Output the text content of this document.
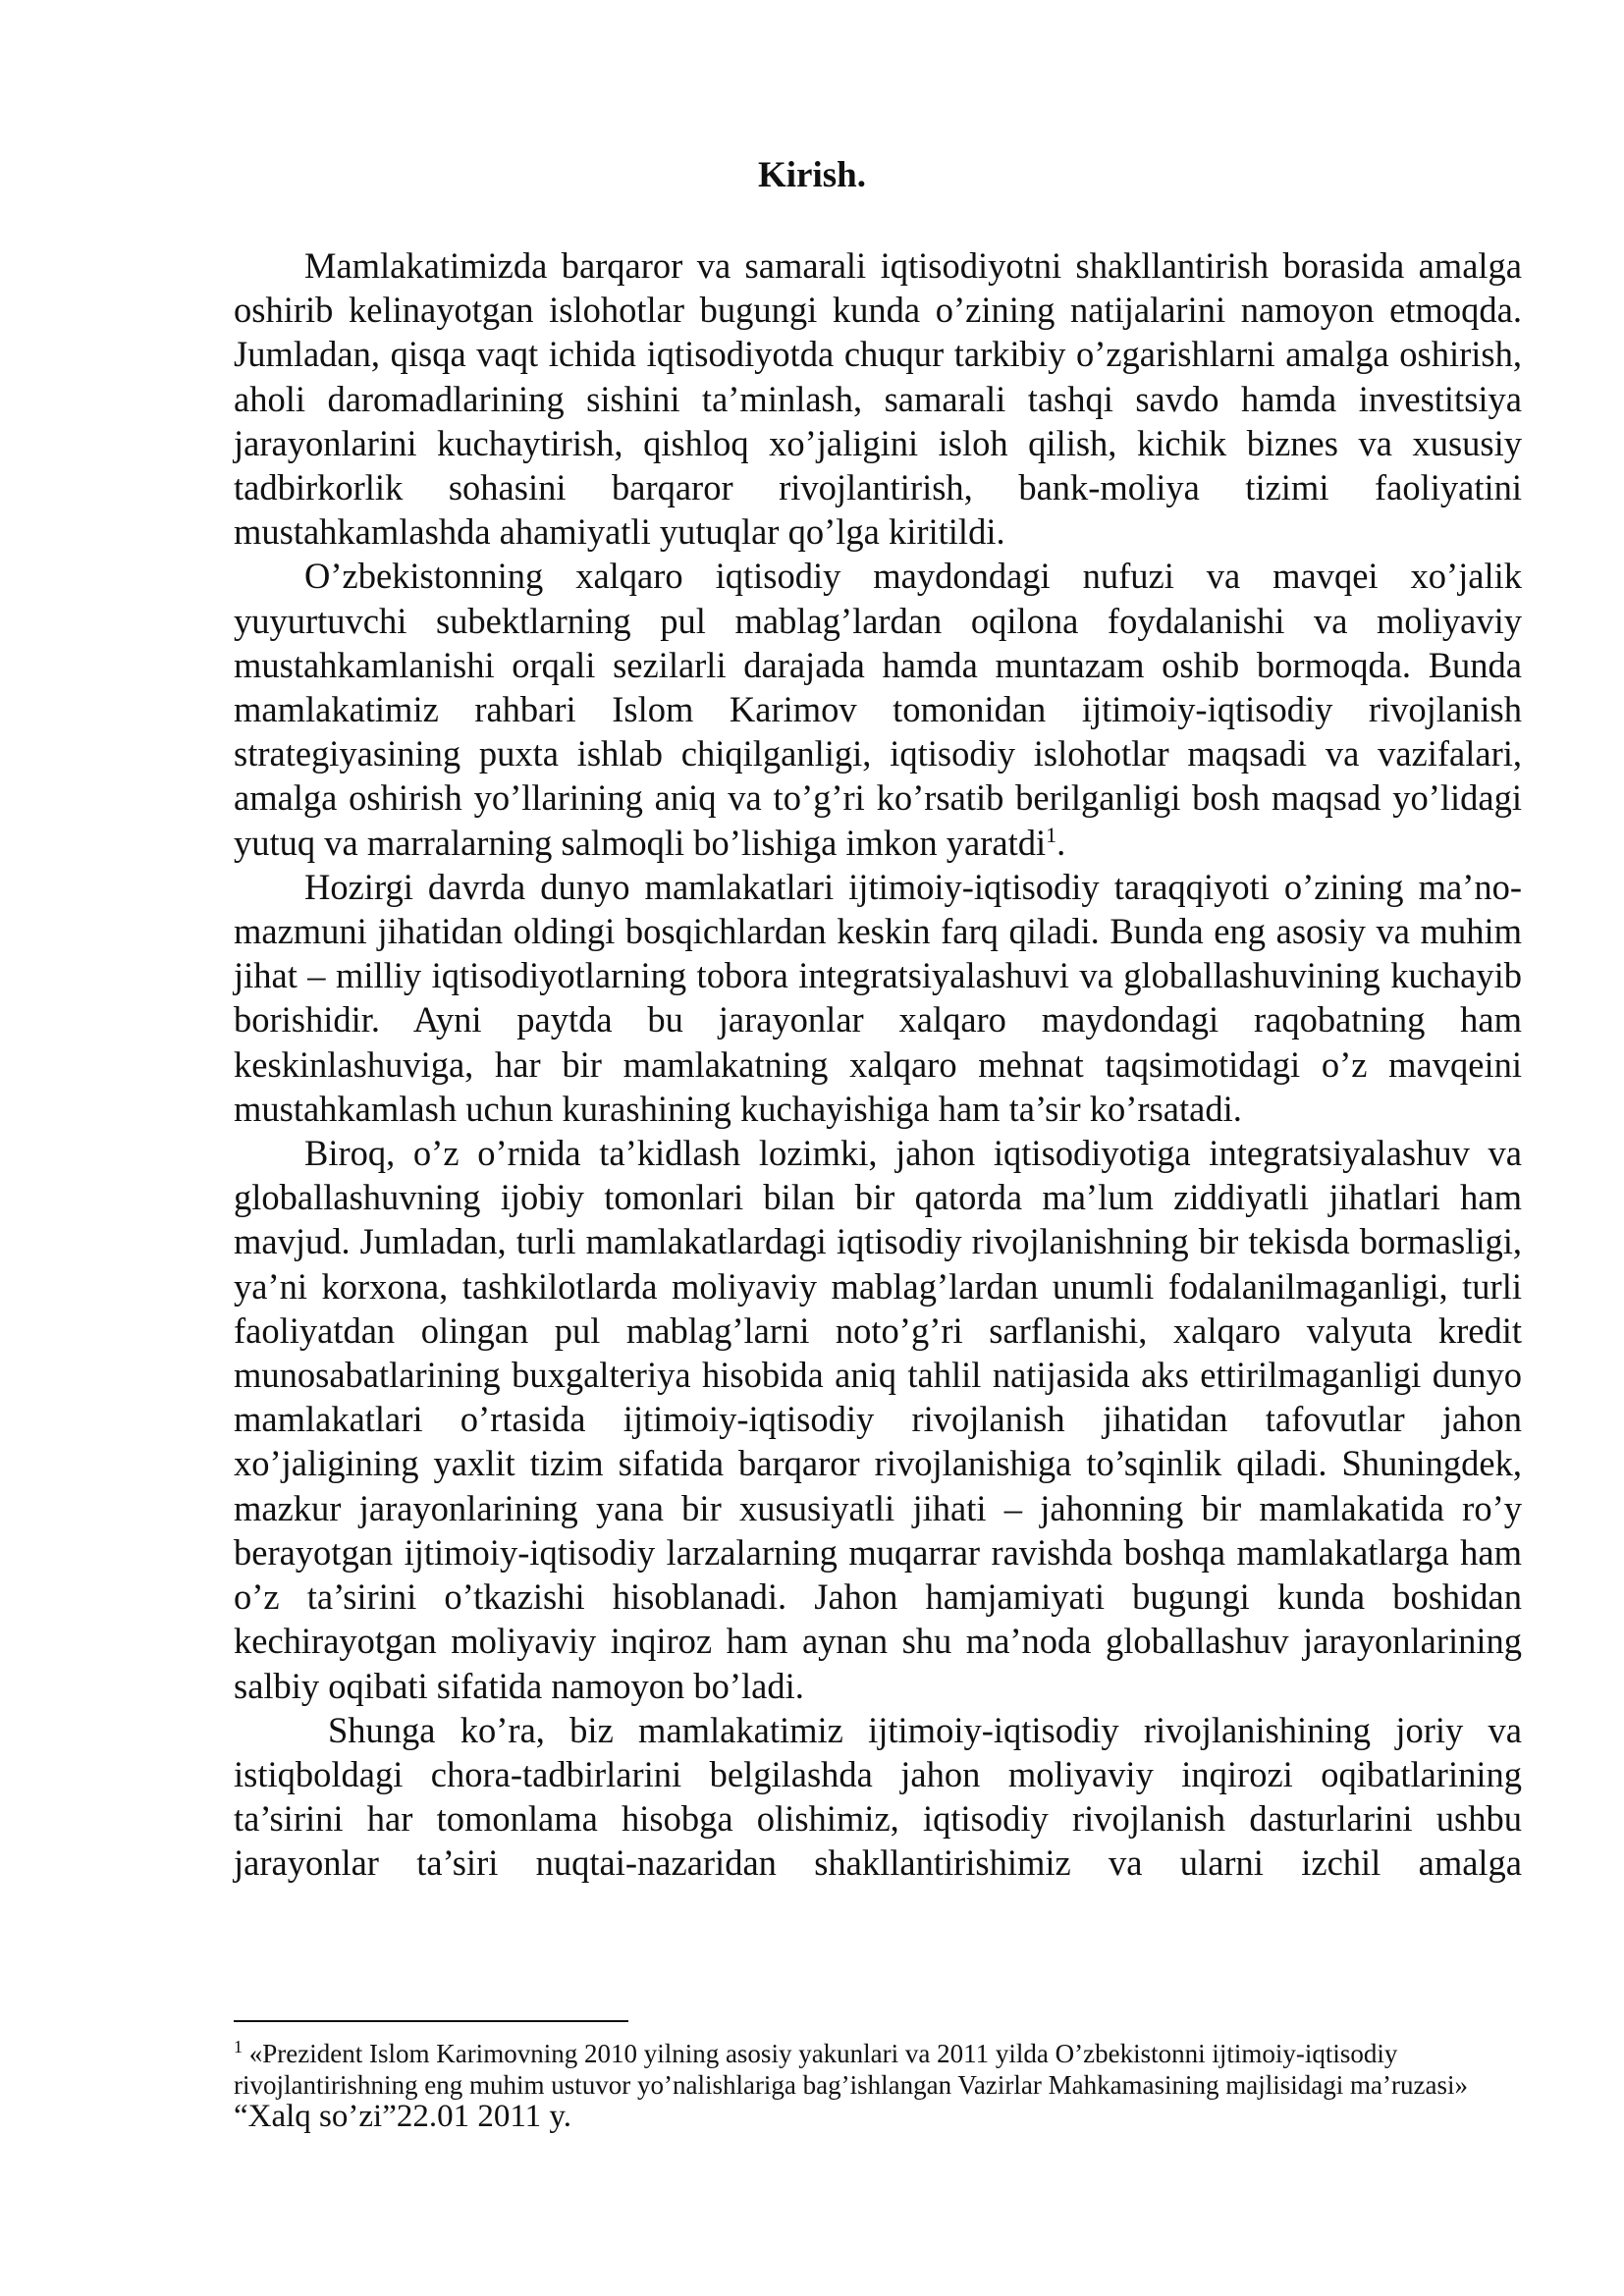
Kirish.

Mamlakatimizda barqaror va samarali iqtisodiyotni shakllantirish borasida amalga oshirib kelinayotgan islohotlar bugungi kunda o’zining natijalarini namoyon etmoqda. Jumladan, qisqa vaqt ichida iqtisodiyotda chuqur tarkibiy o’zgarishlarni amalga oshirish, aholi daromadlarining sishini ta’minlash, samarali tashqi savdo hamda investitsiya jarayonlarini kuchaytirish, qishloq xo’jaligini isloh qilish, kichik biznes va xususiy tadbirkorlik sohasini barqaror rivojlantirish, bank-moliya tizimi faoliyatini mustahkamlashda ahamiyatli yutuqlar qo’lga kiritildi.

O’zbekistonning xalqaro iqtisodiy maydondagi nufuzi va mavqei xo’jalik yuyurtuvchi subektlarning pul mablag’lardan oqilona foydalanishi va moliyaviy mustahkamlanishi orqali sezilarli darajada hamda muntazam oshib bormoqda. Bunda mamlakatimiz rahbari Islom Karimov tomonidan ijtimoiy-iqtisodiy rivojlanish strategiyasining puxta ishlab chiqilganligi, iqtisodiy islohotlar maqsadi va vazifalari, amalga oshirish yo’llarining aniq va to’g’ri ko’rsatib berilganligi bosh maqsad yo’lidagi yutuq va marralarning salmoqli bo’lishiga imkon yaratdi$^1$.

Hozirgi davrda dunyo mamlakatlari ijtimoiy-iqtisodiy taraqqiyoti o’zining ma’no-mazmuni jihatidan oldingi bosqichlardan keskin farq qiladi. Bunda eng asosiy va muhim jihat – milliy iqtisodiyotlarning tobora integratsiyalashuvi va globallashuvining kuchayib borishidir. Ayni paytda bu jarayonlar xalqaro maydondagi raqobatning ham keskinlashuviga, har bir mamlakatning xalqaro mehnat taqsimotidagi o’z mavqeini mustahkamlash uchun kurashining kuchayishiga ham ta’sir ko’rsatadi.

Biroq, o’z o’rnida ta’kidlash lozimki, jahon iqtisodiyotiga integratsiyalashuv va globallashuvning ijobiy tomonlari bilan bir qatorda ma’lum ziddiyatli jihatlari ham mavjud. Jumladan, turli mamlakatlardagi iqtisodiy rivojlanishning bir tekisda bormasligi, ya’ni korxona, tashkilotlarda moliyaviy mablag’lardan unumli fodalanilmaganligi, turli faoliyatdan olingan pul mablag’larni noto’g’ri sarflanishi, xalqaro valyuta kredit munosabatlarining buxgalteriya hisobida aniq tahlil natijasida aks ettirilmaganligi dunyo mamlakatlari o’rtasida ijtimoiy-iqtisodiy rivojlanish jihatidan tafovutlar jahon xo’jaligining yaxlit tizim sifatida barqaror rivojlanishiga to’sqinlik qiladi. Shuningdek, mazkur jarayonlarining yana bir xususiyatli jihati – jahonning bir mamlakatida ro’y berayotgan ijtimoiy-iqtisodiy larzalarning muqarrar ravishda boshqa mamlakatlarga ham o’z ta’sirini o’tkazishi hisoblanadi. Jahon hamjamiyati bugungi kunda boshidan kechirayotgan moliyaviy inqiroz ham aynan shu ma’noda globallashuv jarayonlarining salbiy oqibati sifatida namoyon bo’ladi.

Shunga ko’ra, biz mamlakatimiz ijtimoiy-iqtisodiy rivojlanishining joriy va istiqboldagi chora-tadbirlarini belgilashda jahon moliyaviy inqirozi oqibatlarining ta’sirini har tomonlama hisobga olishimiz, iqtisodiy rivojlanish dasturlarini ushbu jarayonlar ta’siri nuqtai-nazaridan shakllantirishimiz va ularni izchil amalga

$^1$ «Prezident Islom Karimovning 2010 yilning asosiy yakunlari va 2011 yilda O’zbekistonni ijtimoiy-iqtisodiy rivojlantirishning eng muhim ustuvor yo’nalishlariga bag’ishlangan Vazirlar Mahkamasining majlisidagi ma’ruzasi» “Xalq so’zi”22.01 2011 y.
